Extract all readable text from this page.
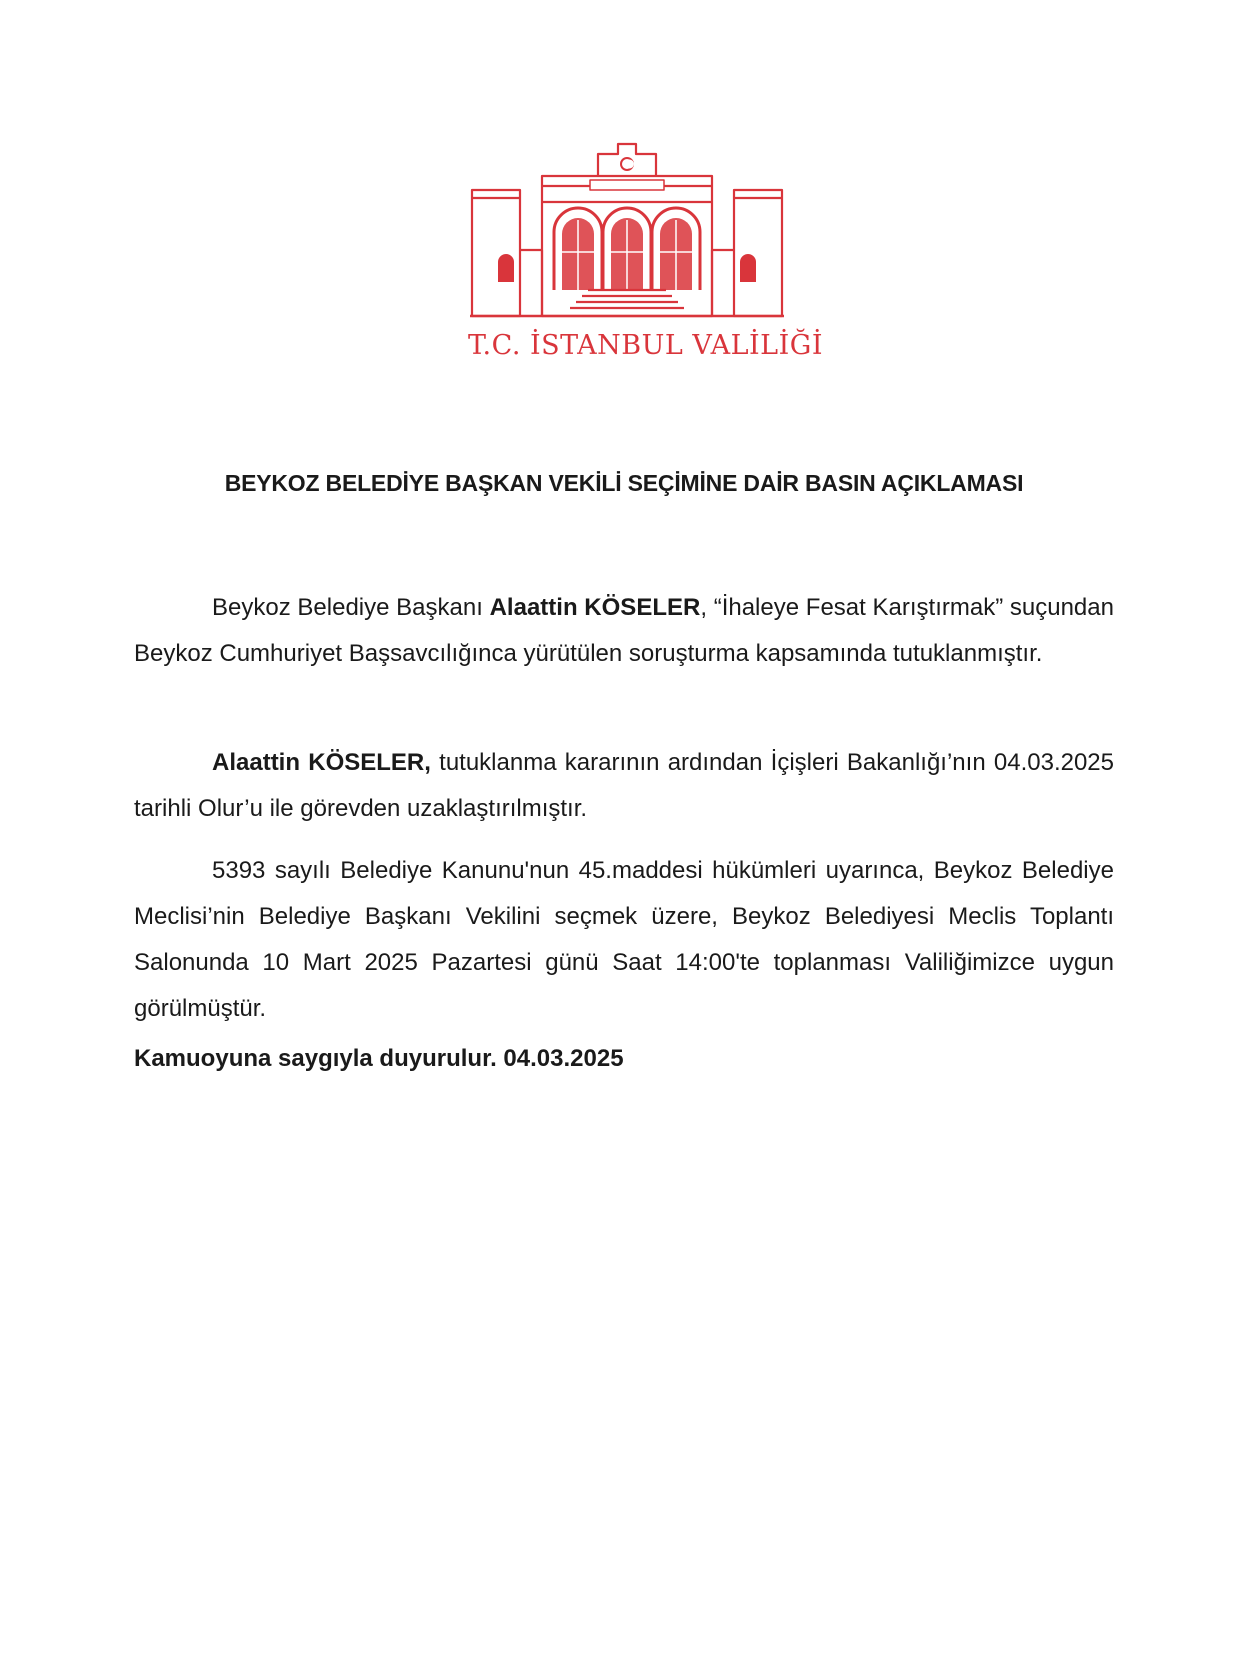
T.C. İSTANBUL VALİLİĞİ
BEYKOZ BELEDİYE BAŞKAN VEKİLİ SEÇİMİNE DAİR BASIN AÇIKLAMASI

Beykoz Belediye Başkanı Alaattin KÖSELER, “İhaleye Fesat Karıştırmak” suçundan Beykoz Cumhuriyet Başsavcılığınca yürütülen soruşturma kapsamında tutuklanmıştır.

Alaattin KÖSELER, tutuklanma kararının ardından İçişleri Bakanlığı’nın 04.03.2025 tarihli Olur’u ile görevden uzaklaştırılmıştır.

5393 sayılı Belediye Kanunu'nun 45.maddesi hükümleri uyarınca, Beykoz Belediye Meclisi’nin Belediye Başkanı Vekilini seçmek üzere, Beykoz Belediyesi Meclis Toplantı Salonunda 10 Mart 2025 Pazartesi günü Saat 14:00'te toplanması Valiliğimizce uygun görülmüştür.

Kamuoyuna saygıyla duyurulur. 04.03.2025
